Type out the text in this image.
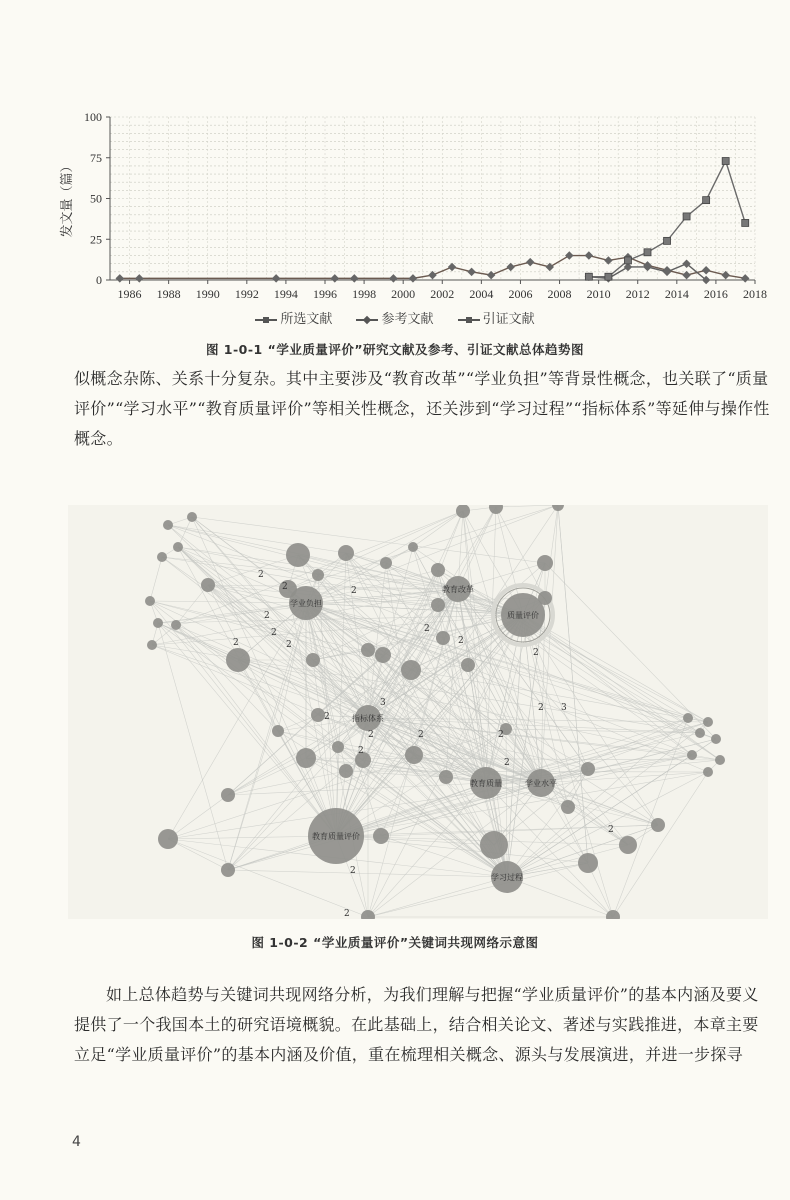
0
25
50
75
100
1986 1988 1990 1992 1994 1996 1998 2000 2002 2004 2006 2008 2010 2012 2014 2016 2018
发文量（篇）
所选文献	参考文献	引证文献
图 1-0-1 “学业质量评价”研究文献及参考、引证文献总体趋势图

似概念杂陈、关系十分复杂。其中主要涉及“教育改革”“学业负担”等背景性概念，也关联了“质量评价”“学习水平”“教育质量评价”等相关性概念，还关涉到“学习过程”“指标体系”等延伸与操作性概念。

学业负担
教育改革
质量评价
指标体系
教育质量评价
教育质量	学业水平
学习过程
2
2
2
2
2	2
2
2
2
2
3
2
2
2
2	2
2 3
2
2
2
2
图 1-0-2 “学业质量评价”关键词共现网络示意图

如上总体趋势与关键词共现网络分析，为我们理解与把握“学业质量评价”的基本内涵及要义提供了一个我国本土的研究语境概貌。在此基础上，结合相关论文、著述与实践推进，本章主要立足“学业质量评价”的基本内涵及价值，重在梳理相关概念、源头与发展演进，并进一步探寻

4
